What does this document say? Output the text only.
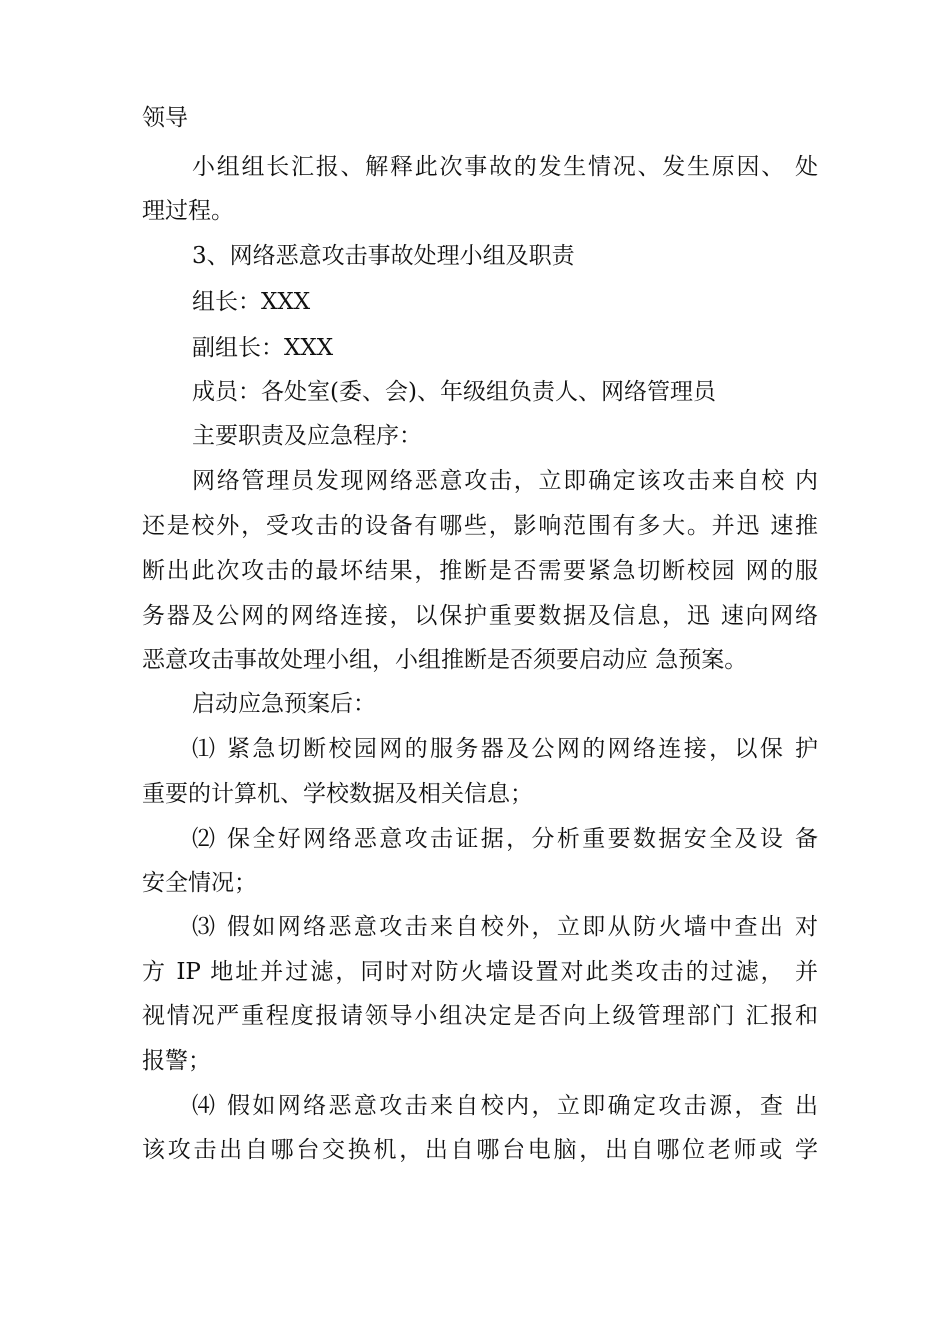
领导
小组组长汇报、解释此次事故的发生情况、发生原因、 处
理过程。
3、网络恶意攻击事故处理小组及职责
组长：XXX
副组长：XXX
成员：各处室(委、会)、年级组负责人、网络管理员
主要职责及应急程序：
网络管理员发现网络恶意攻击，立即确定该攻击来自校 内
还是校外，受攻击的设备有哪些，影响范围有多大。并迅 速推
断出此次攻击的最坏结果，推断是否需要紧急切断校园 网的服
务器及公网的网络连接，以保护重要数据及信息，迅 速向网络
恶意攻击事故处理小组，小组推断是否须要启动应 急预案。
启动应急预案后：
⑴ 紧急切断校园网的服务器及公网的网络连接，以保 护
重要的计算机、学校数据及相关信息；
⑵ 保全好网络恶意攻击证据，分析重要数据安全及设 备
安全情况；
⑶ 假如网络恶意攻击来自校外，立即从防火墙中查出 对
方 IP 地址并过滤，同时对防火墙设置对此类攻击的过滤， 并
视情况严重程度报请领导小组决定是否向上级管理部门 汇报和
报警；
⑷ 假如网络恶意攻击来自校内，立即确定攻击源，查 出
该攻击出自哪台交换机，出自哪台电脑，出自哪位老师或 学
